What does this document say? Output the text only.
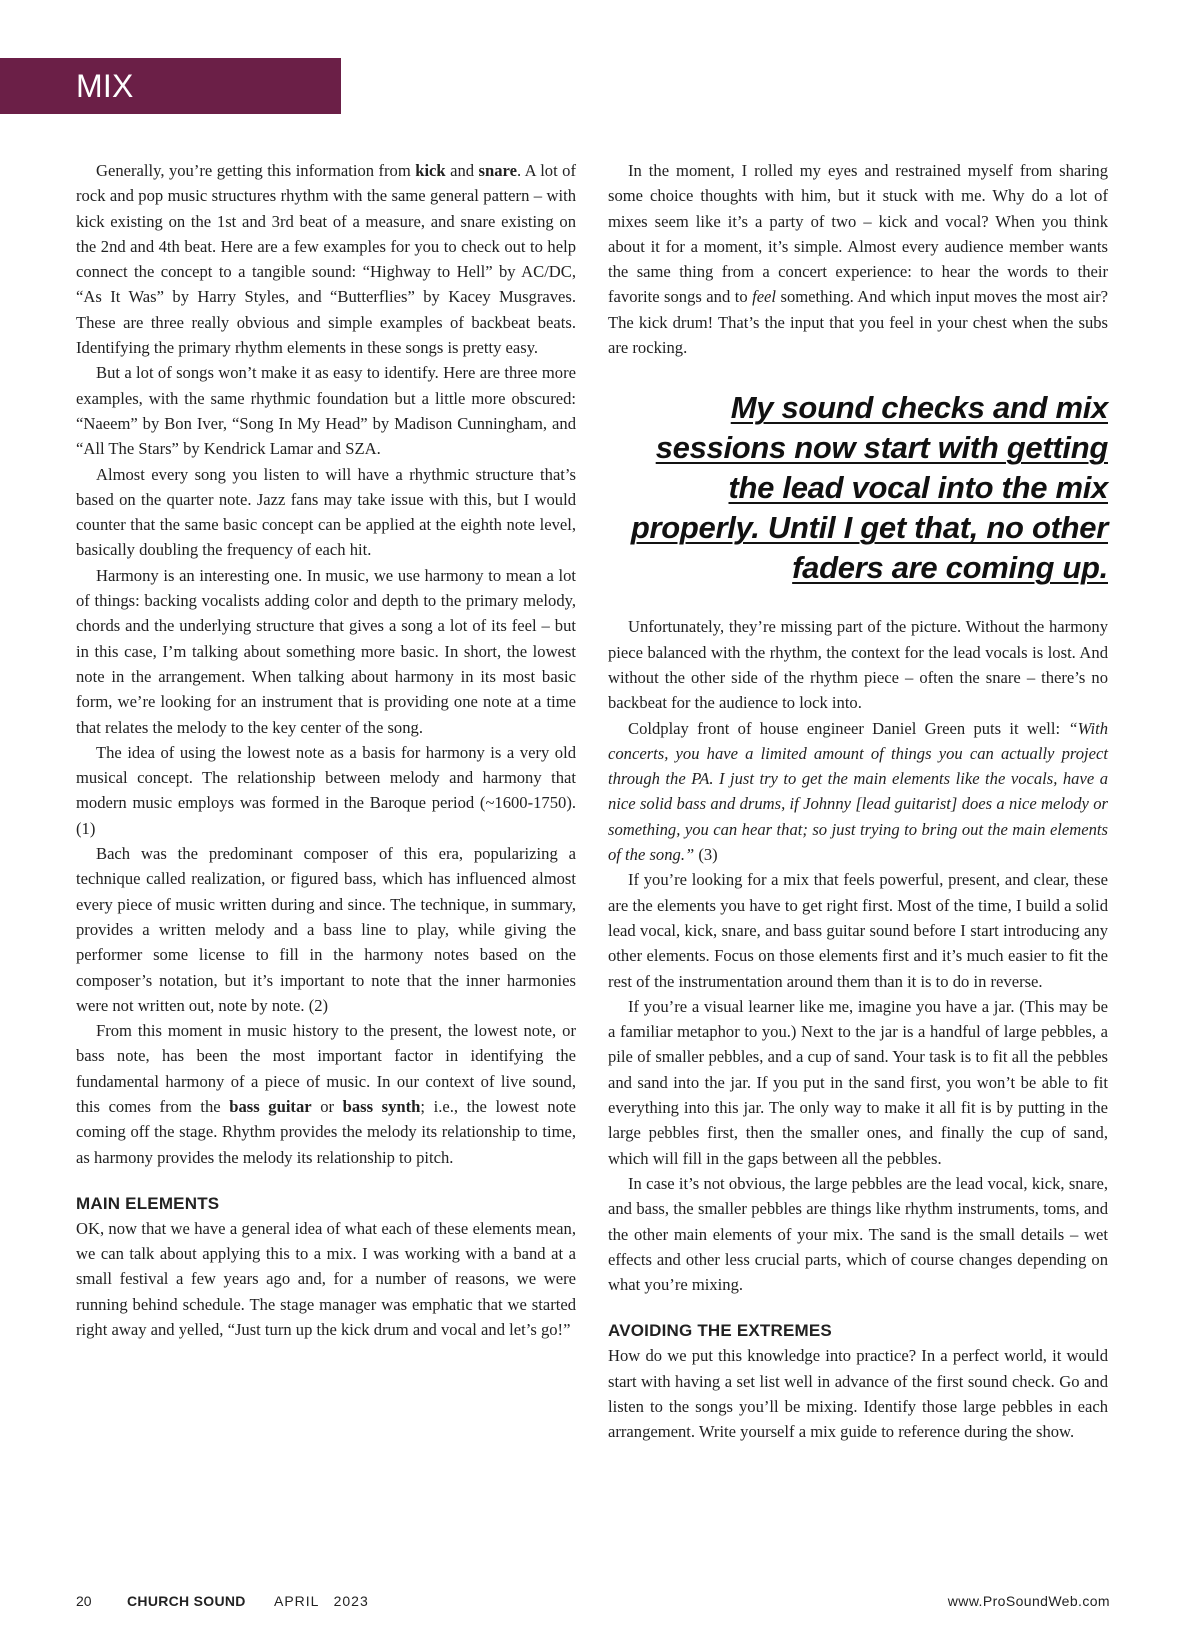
MIX ESSENTIALS

Generally, you’re getting this information from kick and snare. A lot of rock and pop music structures rhythm with the same general pattern – with kick existing on the 1st and 3rd beat of a measure, and snare existing on the 2nd and 4th beat. Here are a few examples for you to check out to help connect the concept to a tangible sound: “Highway to Hell” by AC/DC, “As It Was” by Harry Styles, and “Butterflies” by Kacey Musgraves. These are three really obvious and simple examples of backbeat beats. Identifying the primary rhythm elements in these songs is pretty easy.

But a lot of songs won’t make it as easy to identify. Here are three more examples, with the same rhythmic foundation but a little more obscured: “Naeem” by Bon Iver, “Song In My Head” by Madison Cunningham, and “All The Stars” by Kendrick Lamar and SZA.

Almost every song you listen to will have a rhythmic structure that’s based on the quarter note. Jazz fans may take issue with this, but I would counter that the same basic concept can be applied at the eighth note level, basically doubling the frequency of each hit.

Harmony is an interesting one. In music, we use harmony to mean a lot of things: backing vocalists adding color and depth to the primary melody, chords and the underlying structure that gives a song a lot of its feel – but in this case, I’m talking about something more basic. In short, the lowest note in the arrangement. When talking about harmony in its most basic form, we’re looking for an instrument that is providing one note at a time that relates the melody to the key center of the song.

The idea of using the lowest note as a basis for harmony is a very old musical concept. The relationship between melody and harmony that modern music employs was formed in the Baroque period (~1600-1750). (1)

Bach was the predominant composer of this era, popularizing a technique called realization, or figured bass, which has influenced almost every piece of music written during and since. The technique, in summary, provides a written melody and a bass line to play, while giving the performer some license to fill in the harmony notes based on the composer’s notation, but it’s important to note that the inner harmonies were not written out, note by note. (2)

From this moment in music history to the present, the lowest note, or bass note, has been the most important factor in identifying the fundamental harmony of a piece of music. In our context of live sound, this comes from the bass guitar or bass synth; i.e., the lowest note coming off the stage. Rhythm provides the melody its relationship to time, as harmony provides the melody its relationship to pitch.

MAIN ELEMENTS

OK, now that we have a general idea of what each of these elements mean, we can talk about applying this to a mix. I was working with a band at a small festival a few years ago and, for a number of reasons, we were running behind schedule. The stage manager was emphatic that we started right away and yelled, “Just turn up the kick drum and vocal and let’s go!”

In the moment, I rolled my eyes and restrained myself from sharing some choice thoughts with him, but it stuck with me. Why do a lot of mixes seem like it’s a party of two – kick and vocal? When you think about it for a moment, it’s simple. Almost every audience member wants the same thing from a concert experience: to hear the words to their favorite songs and to feel something. And which input moves the most air? The kick drum! That’s the input that you feel in your chest when the subs are rocking.

My sound checks and mix sessions now start with getting the lead vocal into the mix properly. Until I get that, no other faders are coming up.

Unfortunately, they’re missing part of the picture. Without the harmony piece balanced with the rhythm, the context for the lead vocals is lost. And without the other side of the rhythm piece – often the snare – there’s no backbeat for the audience to lock into.

Coldplay front of house engineer Daniel Green puts it well: “With concerts, you have a limited amount of things you can actually project through the PA. I just try to get the main elements like the vocals, have a nice solid bass and drums, if Johnny [lead guitarist] does a nice melody or something, you can hear that; so just trying to bring out the main elements of the song.” (3)

If you’re looking for a mix that feels powerful, present, and clear, these are the elements you have to get right first. Most of the time, I build a solid lead vocal, kick, snare, and bass guitar sound before I start introducing any other elements. Focus on those elements first and it’s much easier to fit the rest of the instrumentation around them than it is to do in reverse.

If you’re a visual learner like me, imagine you have a jar. (This may be a familiar metaphor to you.) Next to the jar is a handful of large pebbles, a pile of smaller pebbles, and a cup of sand. Your task is to fit all the pebbles and sand into the jar. If you put in the sand first, you won’t be able to fit everything into this jar. The only way to make it all fit is by putting in the large pebbles first, then the smaller ones, and finally the cup of sand, which will fill in the gaps between all the pebbles.

In case it’s not obvious, the large pebbles are the lead vocal, kick, snare, and bass, the smaller pebbles are things like rhythm instruments, toms, and the other main elements of your mix. The sand is the small details – wet effects and other less crucial parts, which of course changes depending on what you’re mixing.

AVOIDING THE EXTREMES

How do we put this knowledge into practice? In a perfect world, it would start with having a set list well in advance of the first sound check. Go and listen to the songs you’ll be mixing. Identify those large pebbles in each arrangement. Write yourself a mix guide to reference during the show.

20	CHURCH SOUND APRIL   2023	www.ProSoundWeb.com
